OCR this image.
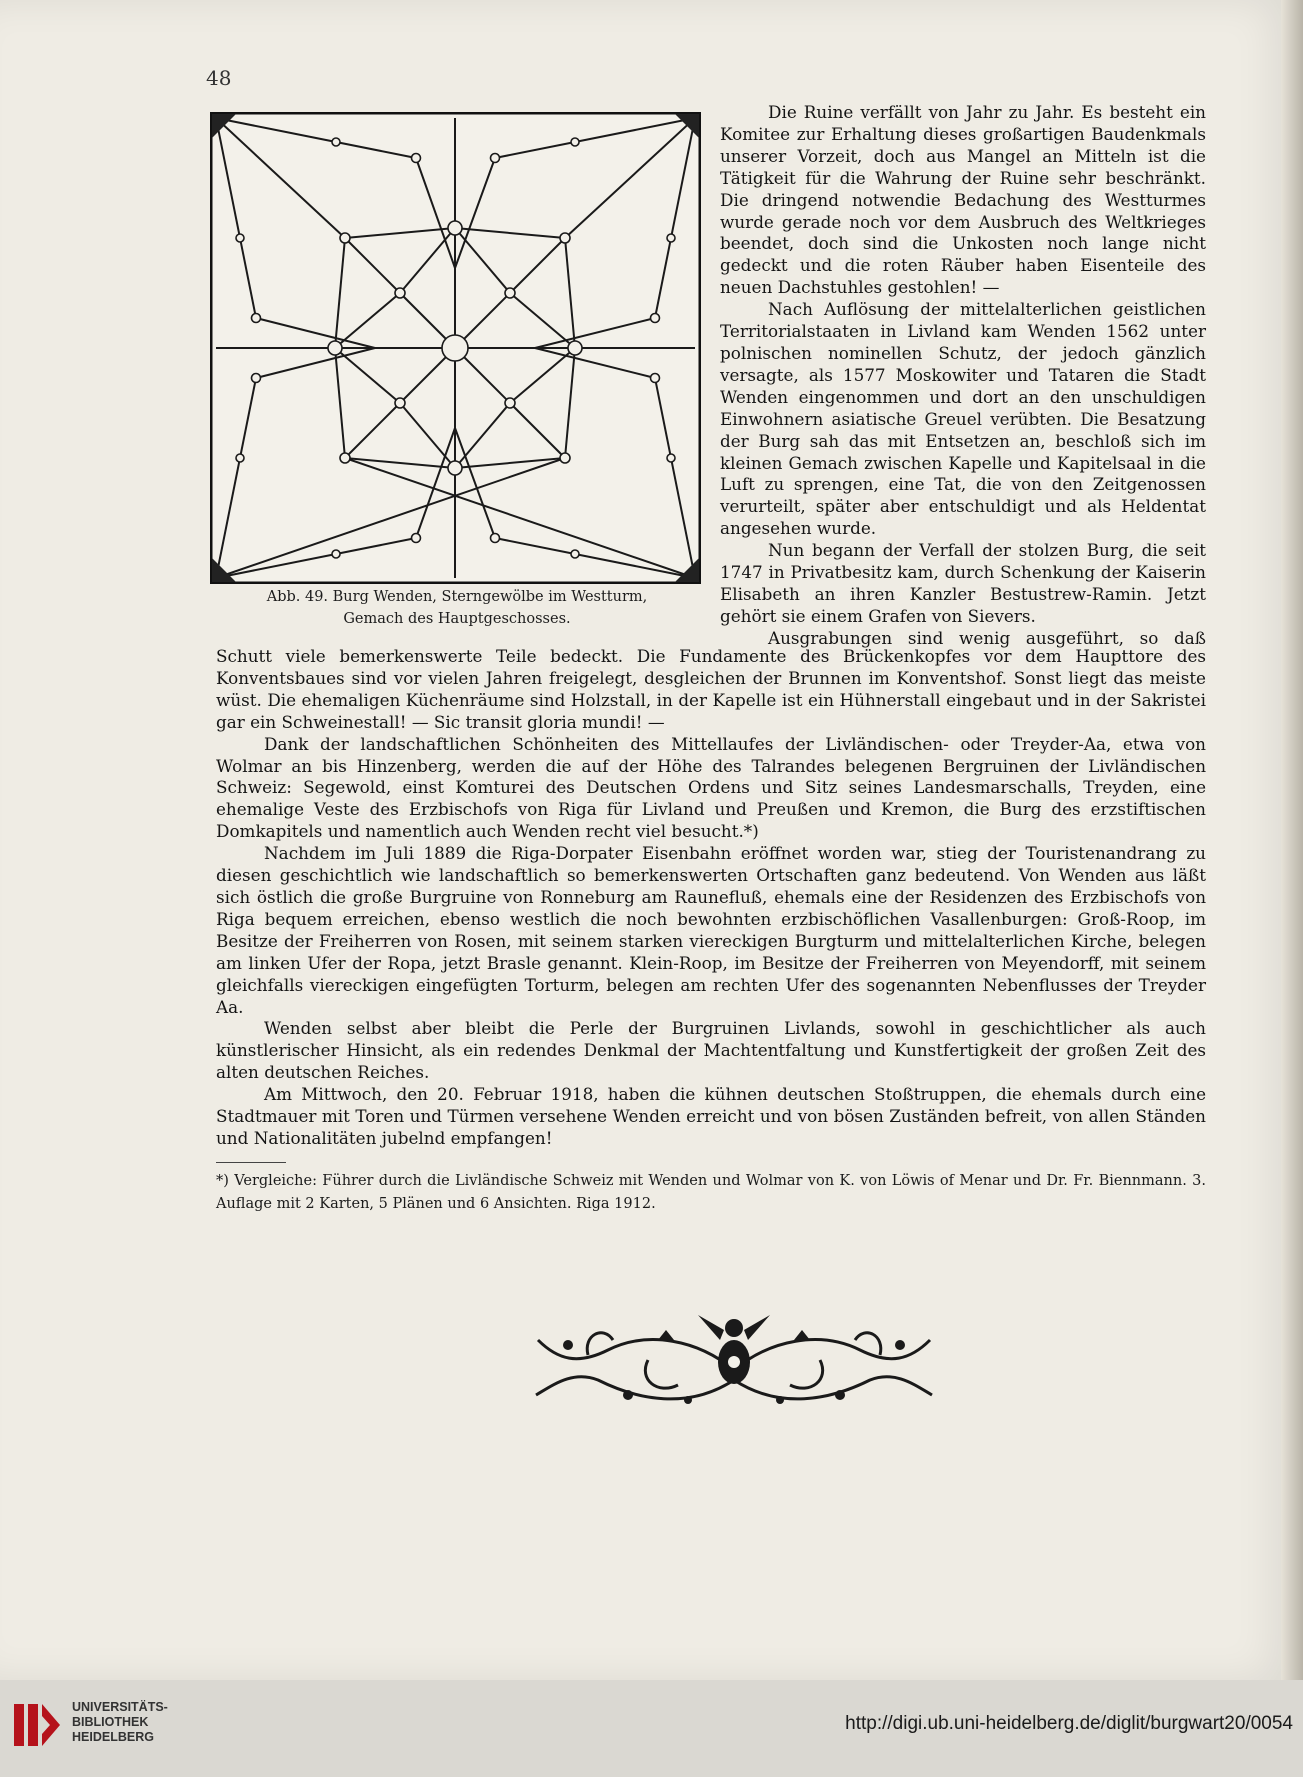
48
Abb. 49. Burg Wenden, Sterngewölbe im Westturm,
Gemach des Hauptgeschosses.

Die Ruine verfällt von Jahr zu Jahr. Es besteht ein Komitee zur Erhaltung dieses großartigen Baudenkmals unserer Vorzeit, doch aus Mangel an Mitteln ist die Tätigkeit für die Wahrung der Ruine sehr beschränkt. Die dringend notwendie Bedachung des Westturmes wurde gerade noch vor dem Ausbruch des Weltkrieges beendet, doch sind die Unkosten noch lange nicht gedeckt und die roten Räuber haben Eisenteile des neuen Dachstuhles gestohlen! —

Nach Auflösung der mittelalterlichen geistlichen Territorialstaaten in Livland kam Wenden 1562 unter polnischen nominellen Schutz, der jedoch gänzlich versagte, als 1577 Moskowiter und Tataren die Stadt Wenden eingenommen und dort an den unschuldigen Einwohnern asiatische Greuel verübten. Die Besatzung der Burg sah das mit Entsetzen an, beschloß sich im kleinen Gemach zwischen Kapelle und Kapitelsaal in die Luft zu sprengen, eine Tat, die von den Zeitgenossen verurteilt, später aber entschuldigt und als Heldentat angesehen wurde.

Nun begann der Verfall der stolzen Burg, die seit 1747 in Privatbesitz kam, durch Schenkung der Kaiserin Elisabeth an ihren Kanzler Bestustrew-Ramin. Jetzt gehört sie einem Grafen von Sievers.

Ausgrabungen sind wenig ausgeführt, so daß

Schutt viele bemerkenswerte Teile bedeckt. Die Fundamente des Brückenkopfes vor dem Haupttore des Konventsbaues sind vor vielen Jahren freigelegt, desgleichen der Brunnen im Konventshof. Sonst liegt das meiste wüst. Die ehemaligen Küchenräume sind Holzstall, in der Kapelle ist ein Hühnerstall eingebaut und in der Sakristei gar ein Schweinestall! — Sic transit gloria mundi! —

Dank der landschaftlichen Schönheiten des Mittellaufes der Livländischen- oder Treyder-Aa, etwa von Wolmar an bis Hinzenberg, werden die auf der Höhe des Talrandes belegenen Bergruinen der Livländischen Schweiz: Segewold, einst Komturei des Deutschen Ordens und Sitz seines Landesmarschalls, Treyden, eine ehemalige Veste des Erzbischofs von Riga für Livland und Preußen und Kremon, die Burg des erzstiftischen Domkapitels und namentlich auch Wenden recht viel besucht.*)

Nachdem im Juli 1889 die Riga-Dorpater Eisenbahn eröffnet worden war, stieg der Touristenandrang zu diesen geschichtlich wie landschaftlich so bemerkenswerten Ortschaften ganz bedeutend. Von Wenden aus läßt sich östlich die große Burgruine von Ronneburg am Raunefluß, ehemals eine der Residenzen des Erzbischofs von Riga bequem erreichen, ebenso westlich die noch bewohnten erzbischöflichen Vasallenburgen: Groß-Roop, im Besitze der Freiherren von Rosen, mit seinem starken viereckigen Burgturm und mittelalterlichen Kirche, belegen am linken Ufer der Ropa, jetzt Brasle genannt. Klein-Roop, im Besitze der Freiherren von Meyendorff, mit seinem gleichfalls viereckigen eingefügten Torturm, belegen am rechten Ufer des sogenannten Nebenflusses der Treyder Aa.

Wenden selbst aber bleibt die Perle der Burgruinen Livlands, sowohl in geschichtlicher als auch künstlerischer Hinsicht, als ein redendes Denkmal der Machtentfaltung und Kunstfertigkeit der großen Zeit des alten deutschen Reiches.

Am Mittwoch, den 20. Februar 1918, haben die kühnen deutschen Stoßtruppen, die ehemals durch eine Stadtmauer mit Toren und Türmen versehene Wenden erreicht und von bösen Zuständen befreit, von allen Ständen und Nationalitäten jubelnd empfangen!

*) Vergleiche: Führer durch die Livländische Schweiz mit Wenden und Wolmar von K. von Löwis of Menar und Dr. Fr. Biennmann. 3. Auflage mit 2 Karten, 5 Plänen und 6 Ansichten. Riga 1912.
UNIVERSITÄTS-
BIBLIOTHEK
HEIDELBERG
http://digi.ub.uni-heidelberg.de/diglit/burgwart20/0054
